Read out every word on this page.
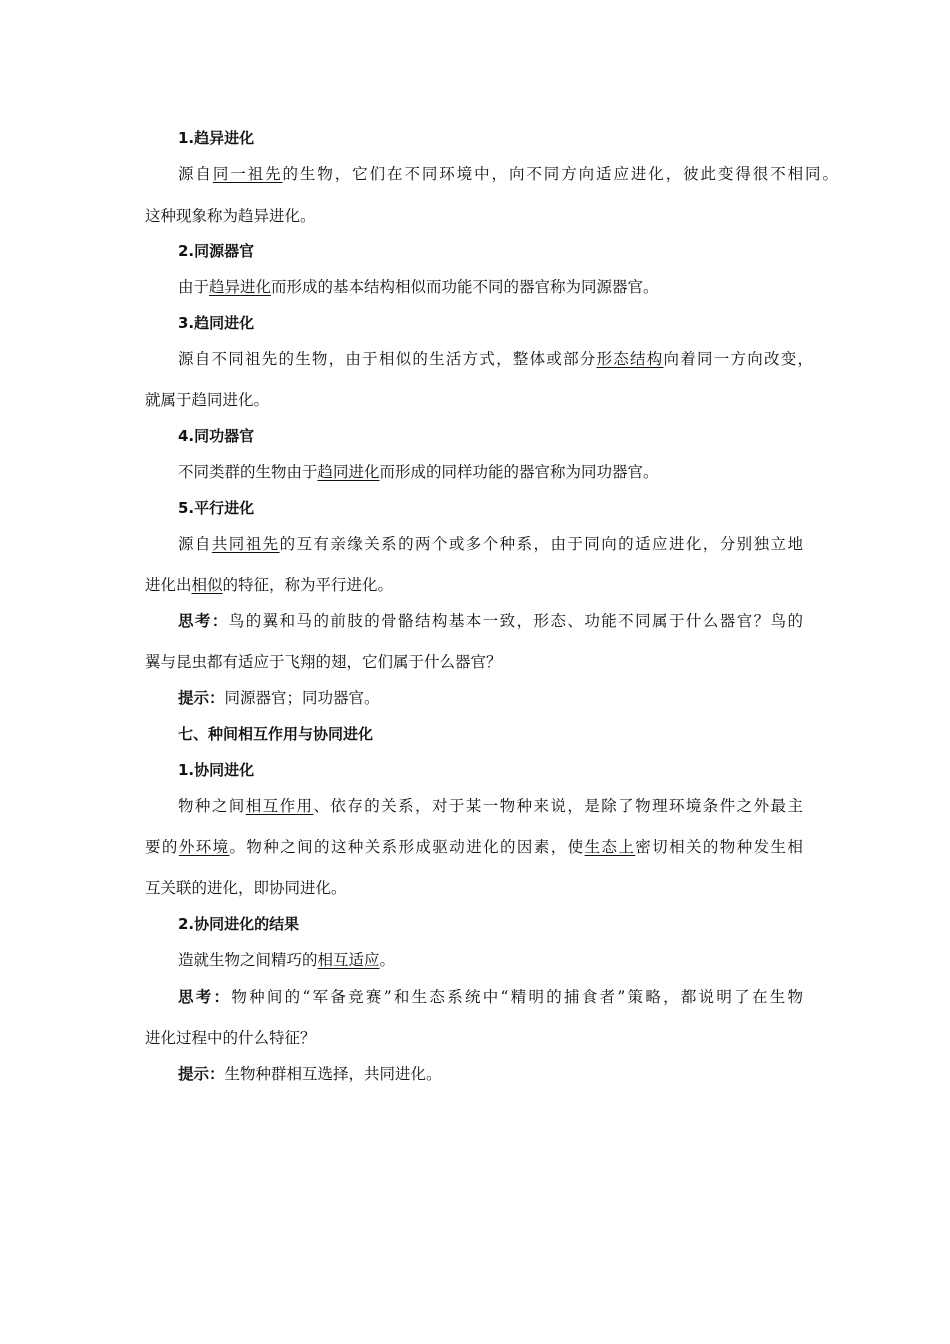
1.趋异进化
源自同一祖先的生物，它们在不同环境中，向不同方向适应进化，彼此变得很不相同。
这种现象称为趋异进化。
2.同源器官
由于趋异进化而形成的基本结构相似而功能不同的器官称为同源器官。
3.趋同进化
源自不同祖先的生物，由于相似的生活方式，整体或部分形态结构向着同一方向改变，
就属于趋同进化。
4.同功器官
不同类群的生物由于趋同进化而形成的同样功能的器官称为同功器官。
5.平行进化
源自共同祖先的互有亲缘关系的两个或多个种系，由于同向的适应进化，分别独立地
进化出相似的特征，称为平行进化。
思考：鸟的翼和马的前肢的骨骼结构基本一致，形态、功能不同属于什么器官？鸟的
翼与昆虫都有适应于飞翔的翅，它们属于什么器官？
提示：同源器官；同功器官。
七、种间相互作用与协同进化
1.协同进化
物种之间相互作用、依存的关系，对于某一物种来说，是除了物理环境条件之外最主
要的外环境。物种之间的这种关系形成驱动进化的因素，使生态上密切相关的物种发生相
互关联的进化，即协同进化。
2.协同进化的结果
造就生物之间精巧的相互适应。
思考：物种间的“军备竞赛”和生态系统中“精明的捕食者”策略，都说明了在生物
进化过程中的什么特征？
提示：生物种群相互选择，共同进化。
